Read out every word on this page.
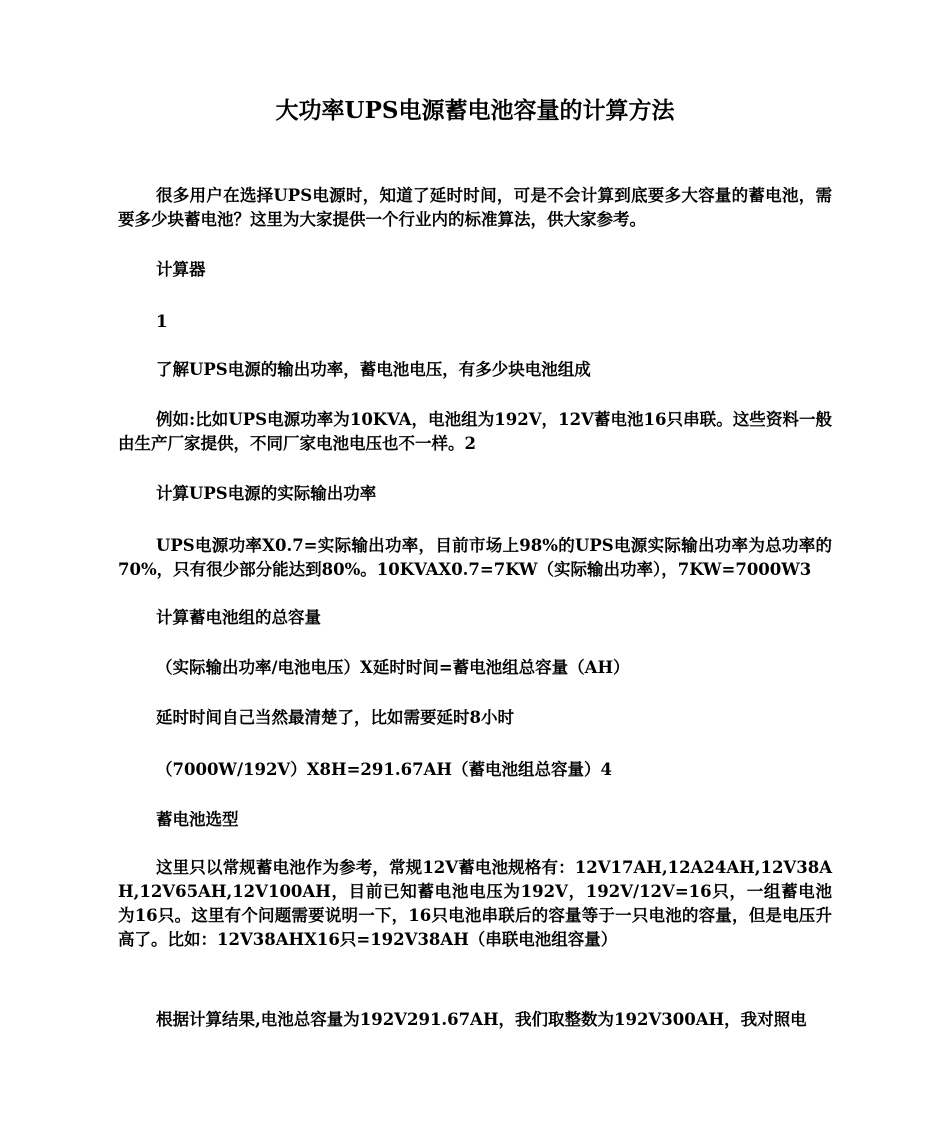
大功率UPS电源蓄电池容量的计算方法
很多用户在选择UPS电源时，知道了延时时间，可是不会计算到底要多大容量的蓄电池，需要多少块蓄电池？这里为大家提供一个行业内的标准算法，供大家参考。
计算器
1
了解UPS电源的输出功率，蓄电池电压，有多少块电池组成
例如:比如UPS电源功率为10KVA，电池组为192V，12V蓄电池16只串联。这些资料一般由生产厂家提供，不同厂家电池电压也不一样。2
计算UPS电源的实际输出功率
UPS电源功率X0.7=实际输出功率，目前市场上98%的UPS电源实际输出功率为总功率的70%，只有很少部分能达到80%。10KVAX0.7=7KW（实际输出功率），7KW=7000W3
计算蓄电池组的总容量
（实际输出功率/电池电压）X延时时间=蓄电池组总容量（AH）
延时时间自己当然最清楚了，比如需要延时8小时
（7000W/192V）X8H=291.67AH（蓄电池组总容量）4
蓄电池选型
这里只以常规蓄电池作为参考，常规12V蓄电池规格有：12V17AH,12A24AH,12V38AH,12V65AH,12V100AH，目前已知蓄电池电压为192V，192V/12V=16只，一组蓄电池为16只。这里有个问题需要说明一下，16只电池串联后的容量等于一只电池的容量，但是电压升高了。比如：12V38AHX16只=192V38AH（串联电池组容量）
根据计算结果,电池总容量为192V291.67AH，我们取整数为192V300AH，我对照电
